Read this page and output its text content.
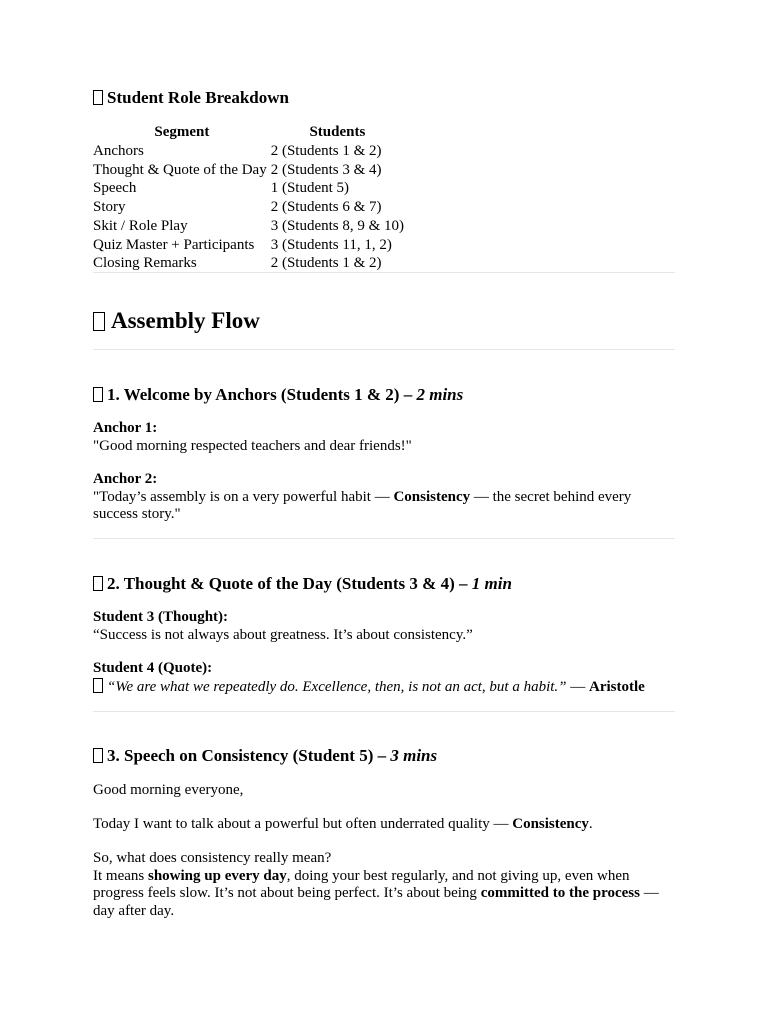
Student Role Breakdown
Segment	Students
Anchors	2 (Students 1 & 2)
Thought & Quote of the Day	2 (Students 3 & 4)
Speech	1 (Student 5)
Story	2 (Students 6 & 7)
Skit / Role Play	3 (Students 8, 9 & 10)
Quiz Master + Participants	3 (Students 11, 1, 2)
Closing Remarks	2 (Students 1 & 2)
Assembly Flow
1. Welcome by Anchors (Students 1 & 2) – 2 mins

Anchor 1:

"Good morning respected teachers and dear friends!"

Anchor 2:

"Today’s assembly is on a very powerful habit — Consistency — the secret behind every success story."

2. Thought & Quote of the Day (Students 3 & 4) – 1 min

Student 3 (Thought):

“Success is not always about greatness. It’s about consistency.”

Student 4 (Quote):

“We are what we repeatedly do. Excellence, then, is not an act, but a habit.” — Aristotle

3. Speech on Consistency (Student 5) – 3 mins

Good morning everyone,

Today I want to talk about a powerful but often underrated quality — Consistency.

So, what does consistency really mean?

It means showing up every day, doing your best regularly, and not giving up, even when progress feels slow. It’s not about being perfect. It’s about being committed to the process — day after day.
